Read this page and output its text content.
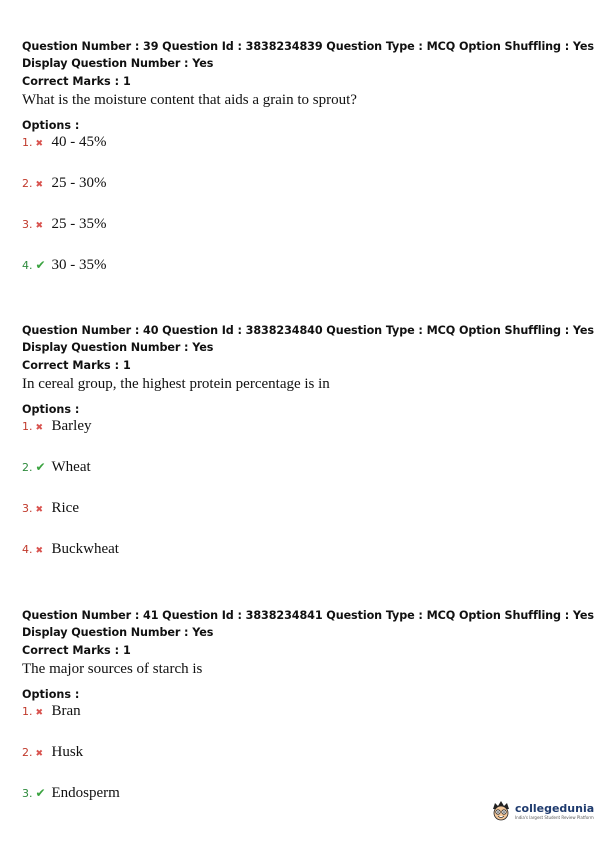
Question Number : 39 Question Id : 3838234839 Question Type : MCQ Option Shuffling : Yes
Display Question Number : Yes
Correct Marks : 1
What is the moisture content that aids a grain to sprout?
Options :
1. ✖ 40 - 45%
2. ✖ 25 - 30%
3. ✖ 25 - 35%
4. ✔ 30 - 35%
Question Number : 40 Question Id : 3838234840 Question Type : MCQ Option Shuffling : Yes
Display Question Number : Yes
Correct Marks : 1
In cereal group, the highest protein percentage is in
Options :
1. ✖ Barley
2. ✔ Wheat
3. ✖ Rice
4. ✖ Buckwheat
Question Number : 41 Question Id : 3838234841 Question Type : MCQ Option Shuffling : Yes
Display Question Number : Yes
Correct Marks : 1
The major sources of starch is
Options :
1. ✖ Bran
2. ✖ Husk
3. ✔ Endosperm
collegedunia
India's largest Student Review Platform
